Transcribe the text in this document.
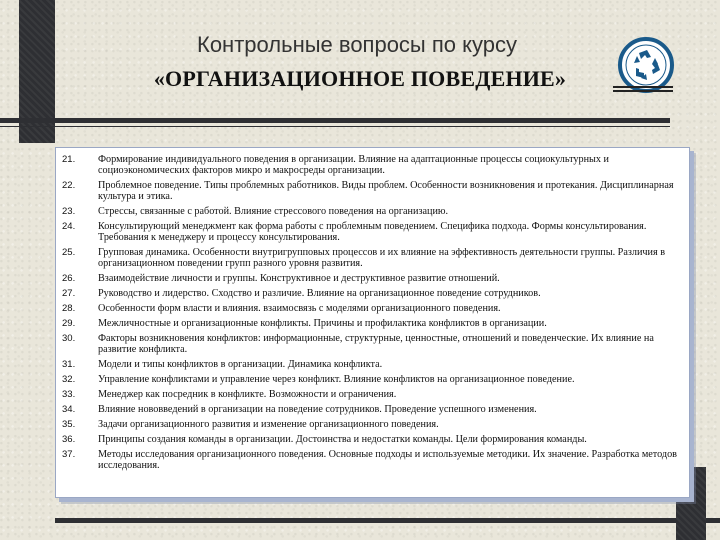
Контрольные вопросы по курсу
«ОРГАНИЗАЦИОННОЕ ПОВЕДЕНИЕ»
21.	Формирование индивидуального поведения в организации. Влияние на адаптационные процессы социокультурных и социоэкономических факторов микро и макросреды организации.
22.	Проблемное поведение. Типы проблемных работников. Виды проблем. Особенности возникновения и протекания. Дисциплинарная культура и этика.
23.	Стрессы, связанные с работой. Влияние стрессового поведения на организацию.
24.	Консультирующий менеджмент как форма работы с проблемным поведением. Специфика подхода. Формы консультирования. Требования к менеджеру и процессу консультирования.
25.	Групповая динамика. Особенности внутригрупповых процессов и их влияние на эффективность деятельности группы. Различия в организационном поведении групп разного уровня развития.
26.	Взаимодействие личности и группы. Конструктивное и деструктивное развитие отношений.
27.	Руководство и лидерство. Сходство и различие. Влияние на организационное поведение сотрудников.
28.	Особенности форм власти и влияния. взаимосвязь с моделями организационного поведения.
29.	Межличностные и организационные конфликты. Причины и профилактика конфликтов в организации.
30.	Факторы возникновения конфликтов: информационные, структурные, ценностные, отношений и поведенческие. Их влияние на развитие конфликта.
31.	Модели и типы конфликтов в организации. Динамика конфликта.
32.	Управление конфликтами и управление через конфликт. Влияние конфликтов на организационное поведение.
33.	Менеджер как посредник в конфликте. Возможности и ограничения.
34.	Влияние нововведений в организации на поведение сотрудников. Проведение успешного изменения.
35.	Задачи организационного развития и изменение организационного поведения.
36.	Принципы создания команды в организации. Достоинства и недостатки команды. Цели формирования команды.
37.	Методы исследования организационного поведения. Основные подходы и используемые методики. Их значение. Разработка методов исследования.
